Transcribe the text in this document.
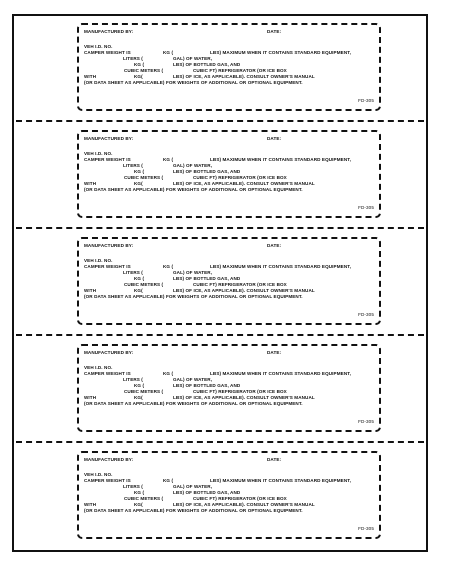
MANUFACTURED BY:	DATE:
VEH I.D. NO.
CAMPER WEIGHT IS	KG (	LBS) MAXIMUM WHEN IT CONTAINS STANDARD EQUIPMENT,
LITERS (	GAL) OF WATER,
KG (	LBS) OF BOTTLED GAS, AND
CUBIC METERS (	CUBIC FT) REFRIGERATOR (OR ICE BOX
WITH	KG(	LBS) OF ICE, AS APPLICABLE). CONSULT OWNER'S MANUAL
(OR DATA SHEET AS APPLICABLE) FOR WEIGHTS OF ADDITIONAL OR OPTIONAL EQUIPMENT.
FD-305
MANUFACTURED BY:	DATE:
VEH I.D. NO.
CAMPER WEIGHT IS	KG (	LBS) MAXIMUM WHEN IT CONTAINS STANDARD EQUIPMENT,
LITERS (	GAL) OF WATER,
KG (	LBS) OF BOTTLED GAS, AND
CUBIC METERS (	CUBIC FT) REFRIGERATOR (OR ICE BOX
WITH	KG(	LBS) OF ICE, AS APPLICABLE). CONSULT OWNER'S MANUAL
(OR DATA SHEET AS APPLICABLE) FOR WEIGHTS OF ADDITIONAL OR OPTIONAL EQUIPMENT.
FD-305
MANUFACTURED BY:	DATE:
VEH I.D. NO.
CAMPER WEIGHT IS	KG (	LBS) MAXIMUM WHEN IT CONTAINS STANDARD EQUIPMENT,
LITERS (	GAL) OF WATER,
KG (	LBS) OF BOTTLED GAS, AND
CUBIC METERS (	CUBIC FT) REFRIGERATOR (OR ICE BOX
WITH	KG(	LBS) OF ICE, AS APPLICABLE). CONSULT OWNER'S MANUAL
(OR DATA SHEET AS APPLICABLE) FOR WEIGHTS OF ADDITIONAL OR OPTIONAL EQUIPMENT.
FD-305
MANUFACTURED BY:	DATE:
VEH I.D. NO.
CAMPER WEIGHT IS	KG (	LBS) MAXIMUM WHEN IT CONTAINS STANDARD EQUIPMENT,
LITERS (	GAL) OF WATER,
KG (	LBS) OF BOTTLED GAS, AND
CUBIC METERS (	CUBIC FT) REFRIGERATOR (OR ICE BOX
WITH	KG(	LBS) OF ICE, AS APPLICABLE). CONSULT OWNER'S MANUAL
(OR DATA SHEET AS APPLICABLE) FOR WEIGHTS OF ADDITIONAL OR OPTIONAL EQUIPMENT.
FD-305
MANUFACTURED BY:	DATE:
VEH I.D. NO.
CAMPER WEIGHT IS	KG (	LBS) MAXIMUM WHEN IT CONTAINS STANDARD EQUIPMENT,
LITERS (	GAL) OF WATER,
KG (	LBS) OF BOTTLED GAS, AND
CUBIC METERS (	CUBIC FT) REFRIGERATOR (OR ICE BOX
WITH	KG(	LBS) OF ICE, AS APPLICABLE). CONSULT OWNER'S MANUAL
(OR DATA SHEET AS APPLICABLE) FOR WEIGHTS OF ADDITIONAL OR OPTIONAL EQUIPMENT.
FD-305
